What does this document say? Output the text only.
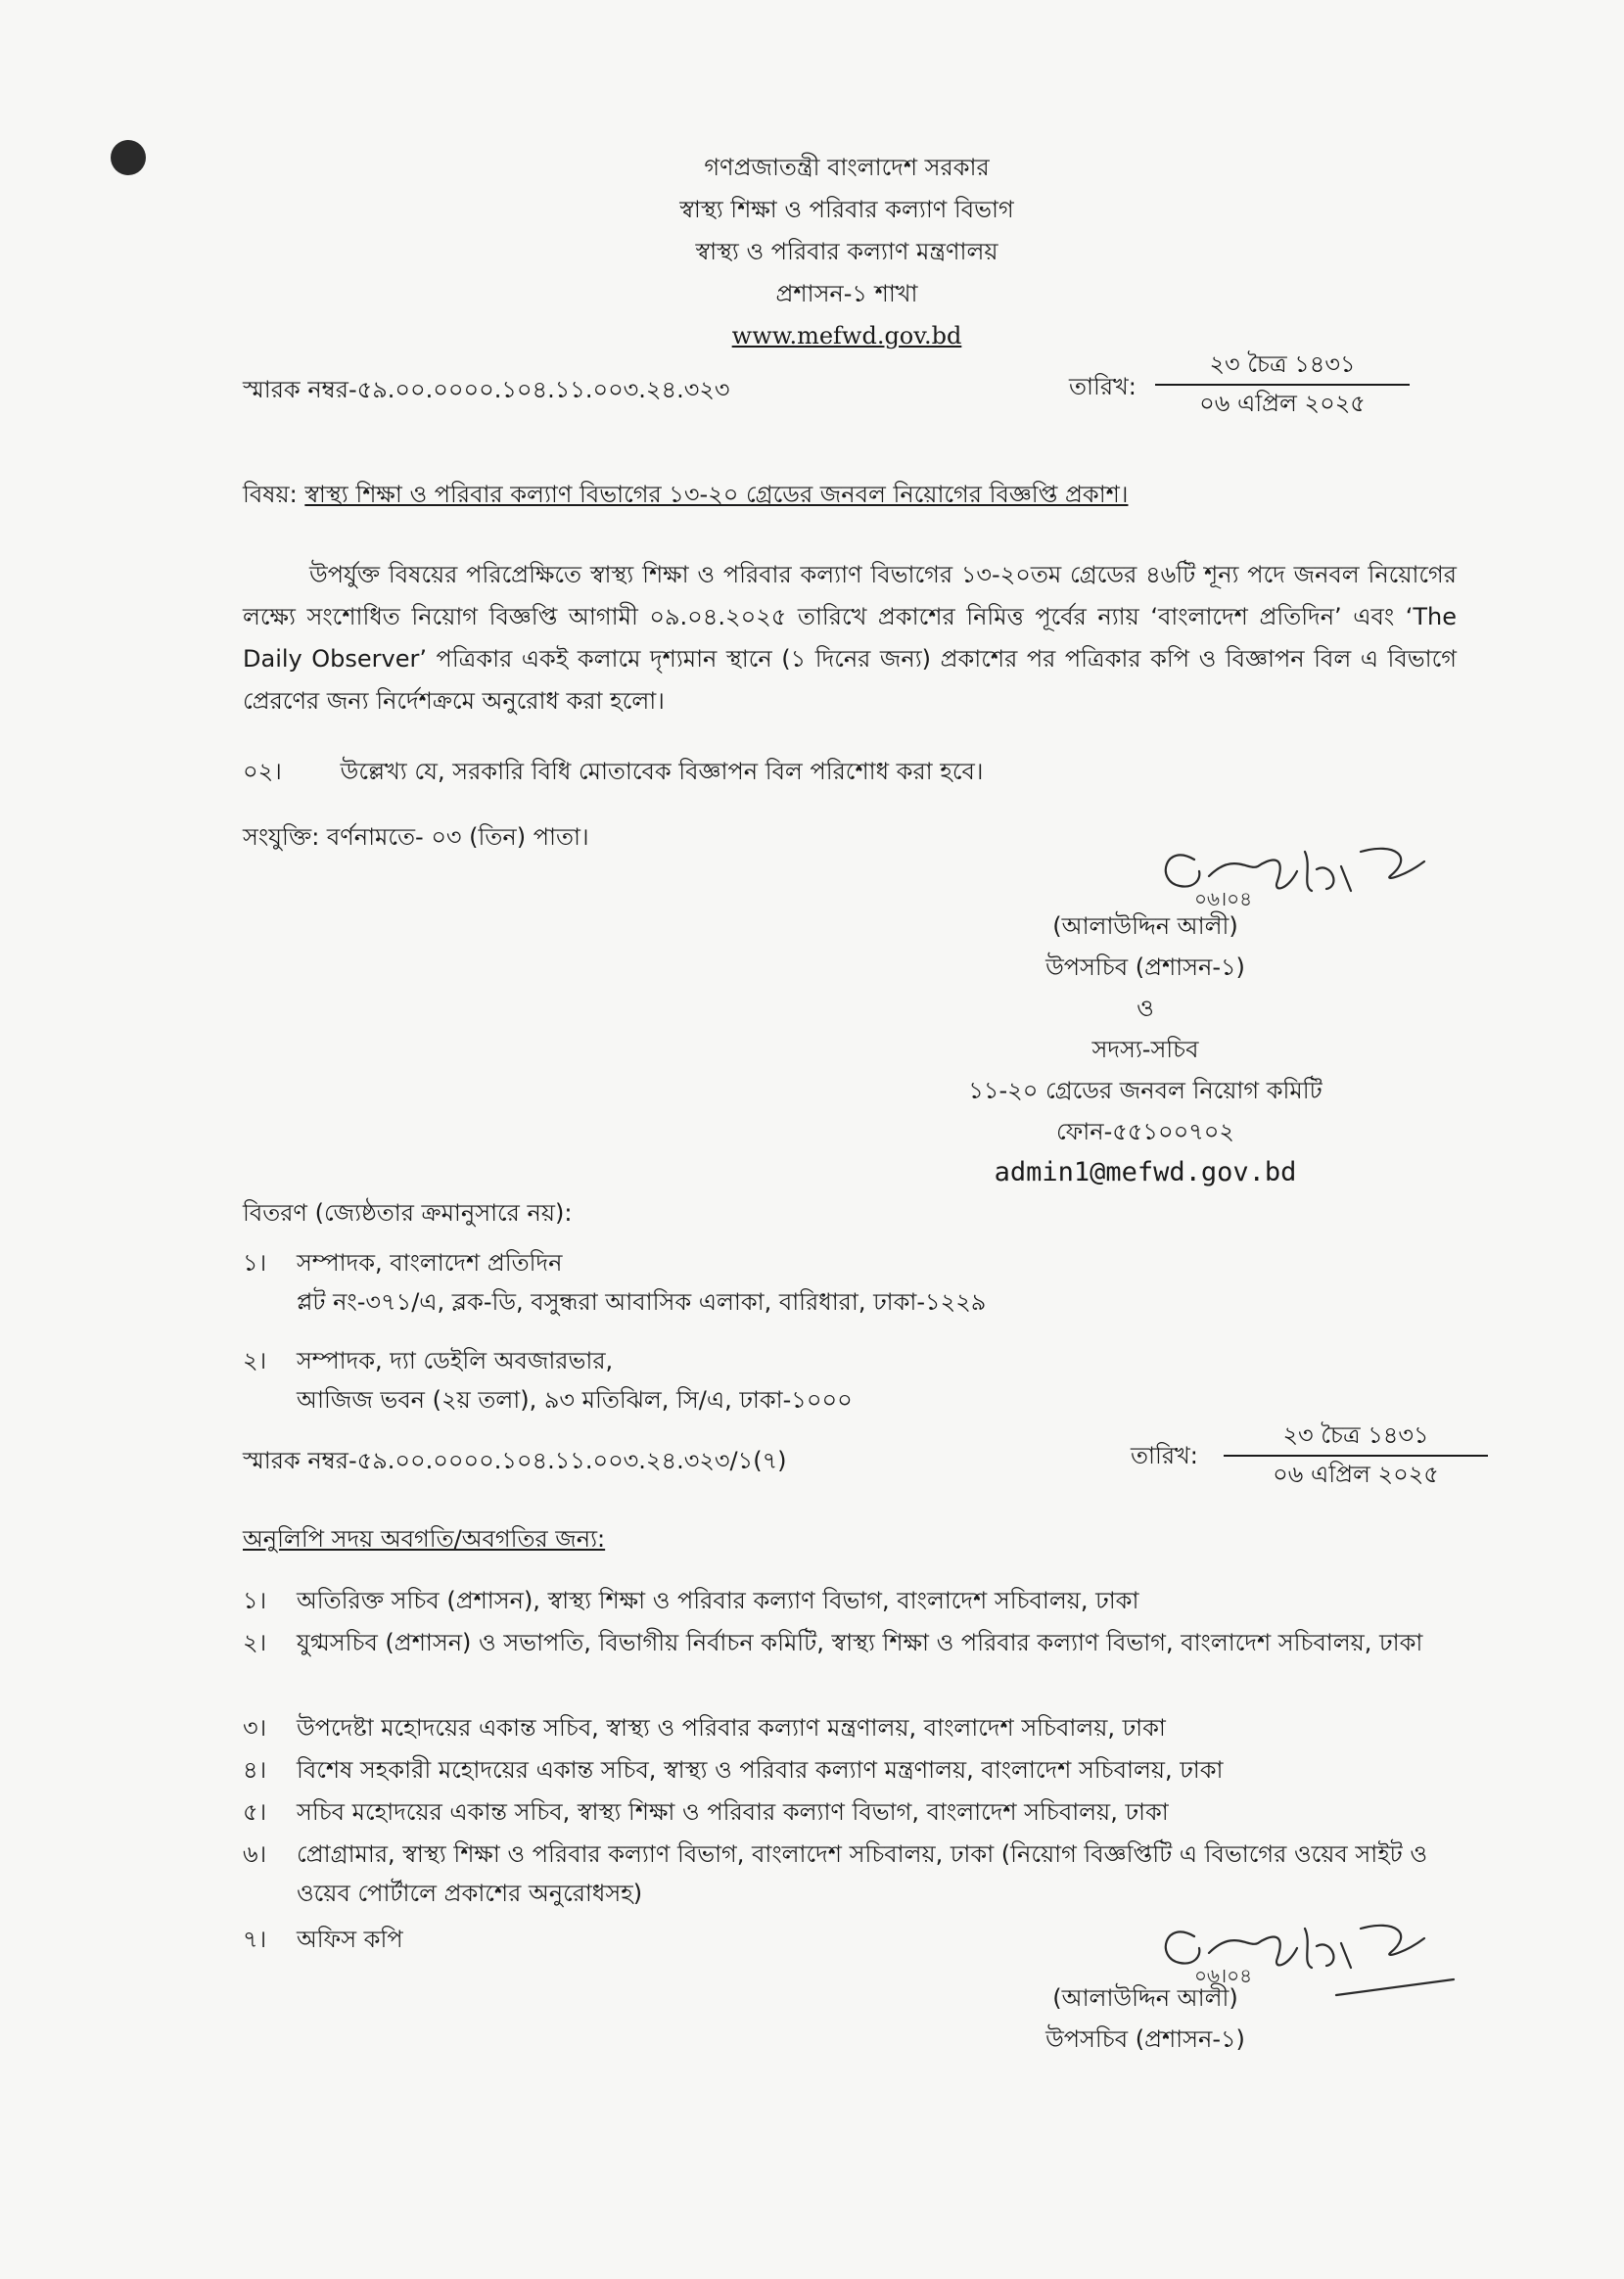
গণপ্রজাতন্ত্রী বাংলাদেশ সরকার
স্বাস্থ্য শিক্ষা ও পরিবার কল্যাণ বিভাগ
স্বাস্থ্য ও পরিবার কল্যাণ মন্ত্রণালয়
প্রশাসন-১ শাখা
www.mefwd.gov.bd
স্মারক নম্বর-৫৯.০০.০০০০.১০৪.১১.০০৩.২৪.৩২৩	তারিখ:
২৩ চৈত্র ১৪৩১
০৬ এপ্রিল ২০২৫
বিষয়: স্বাস্থ্য শিক্ষা ও পরিবার কল্যাণ বিভাগের ১৩-২০ গ্রেডের জনবল নিয়োগের বিজ্ঞপ্তি প্রকাশ।
উপর্যুক্ত বিষয়ের পরিপ্রেক্ষিতে স্বাস্থ্য শিক্ষা ও পরিবার কল্যাণ বিভাগের ১৩-২০তম গ্রেডের ৪৬টি শূন্য পদে জনবল নিয়োগের লক্ষ্যে সংশোধিত নিয়োগ বিজ্ঞপ্তি আগামী ০৯.০৪.২০২৫ তারিখে প্রকাশের নিমিত্ত পূর্বের ন্যায় ‘বাংলাদেশ প্রতিদিন’ এবং ‘The Daily Observer’ পত্রিকার একই কলামে দৃশ্যমান স্থানে (১ দিনের জন্য) প্রকাশের পর পত্রিকার কপি ও বিজ্ঞাপন বিল এ বিভাগে প্রেরণের জন্য নির্দেশক্রমে অনুরোধ করা হলো।
০২। উল্লেখ্য যে, সরকারি বিধি মোতাবেক বিজ্ঞাপন বিল পরিশোধ করা হবে।
সংযুক্তি: বর্ণনামতে- ০৩ (তিন) পাতা।
০৬।০৪
(আলাউদ্দিন আলী)
উপসচিব (প্রশাসন-১)
ও
সদস্য-সচিব
১১-২০ গ্রেডের জনবল নিয়োগ কমিটি
ফোন-৫৫১০০৭০২
admin1@mefwd.gov.bd
বিতরণ (জ্যেষ্ঠতার ক্রমানুসারে নয়):
১। সম্পাদক, বাংলাদেশ প্রতিদিন
প্লট নং-৩৭১/এ, ব্লক-ডি, বসুন্ধরা আবাসিক এলাকা, বারিধারা, ঢাকা-১২২৯
২। সম্পাদক, দ্যা ডেইলি অবজারভার,
আজিজ ভবন (২য় তলা), ৯৩ মতিঝিল, সি/এ, ঢাকা-১০০০
স্মারক নম্বর-৫৯.০০.০০০০.১০৪.১১.০০৩.২৪.৩২৩/১(৭)	তারিখ:
২৩ চৈত্র ১৪৩১
০৬ এপ্রিল ২০২৫
অনুলিপি সদয় অবগতি/অবগতির জন্য:
১। অতিরিক্ত সচিব (প্রশাসন), স্বাস্থ্য শিক্ষা ও পরিবার কল্যাণ বিভাগ, বাংলাদেশ সচিবালয়, ঢাকা
২। যুগ্মসচিব (প্রশাসন) ও সভাপতি, বিভাগীয় নির্বাচন কমিটি, স্বাস্থ্য শিক্ষা ও পরিবার কল্যাণ বিভাগ, বাংলাদেশ সচিবালয়, ঢাকা
৩। উপদেষ্টা মহোদয়ের একান্ত সচিব, স্বাস্থ্য ও পরিবার কল্যাণ মন্ত্রণালয়, বাংলাদেশ সচিবালয়, ঢাকা
৪। বিশেষ সহকারী মহোদয়ের একান্ত সচিব, স্বাস্থ্য ও পরিবার কল্যাণ মন্ত্রণালয়, বাংলাদেশ সচিবালয়, ঢাকা
৫। সচিব মহোদয়ের একান্ত সচিব, স্বাস্থ্য শিক্ষা ও পরিবার কল্যাণ বিভাগ, বাংলাদেশ সচিবালয়, ঢাকা
৬। প্রোগ্রামার, স্বাস্থ্য শিক্ষা ও পরিবার কল্যাণ বিভাগ, বাংলাদেশ সচিবালয়, ঢাকা (নিয়োগ বিজ্ঞপ্তিটি এ বিভাগের ওয়েব সাইট ও ওয়েব পোর্টালে প্রকাশের অনুরোধসহ)
৭। অফিস কপি
০৬।০৪
(আলাউদ্দিন আলী)
উপসচিব (প্রশাসন-১)
